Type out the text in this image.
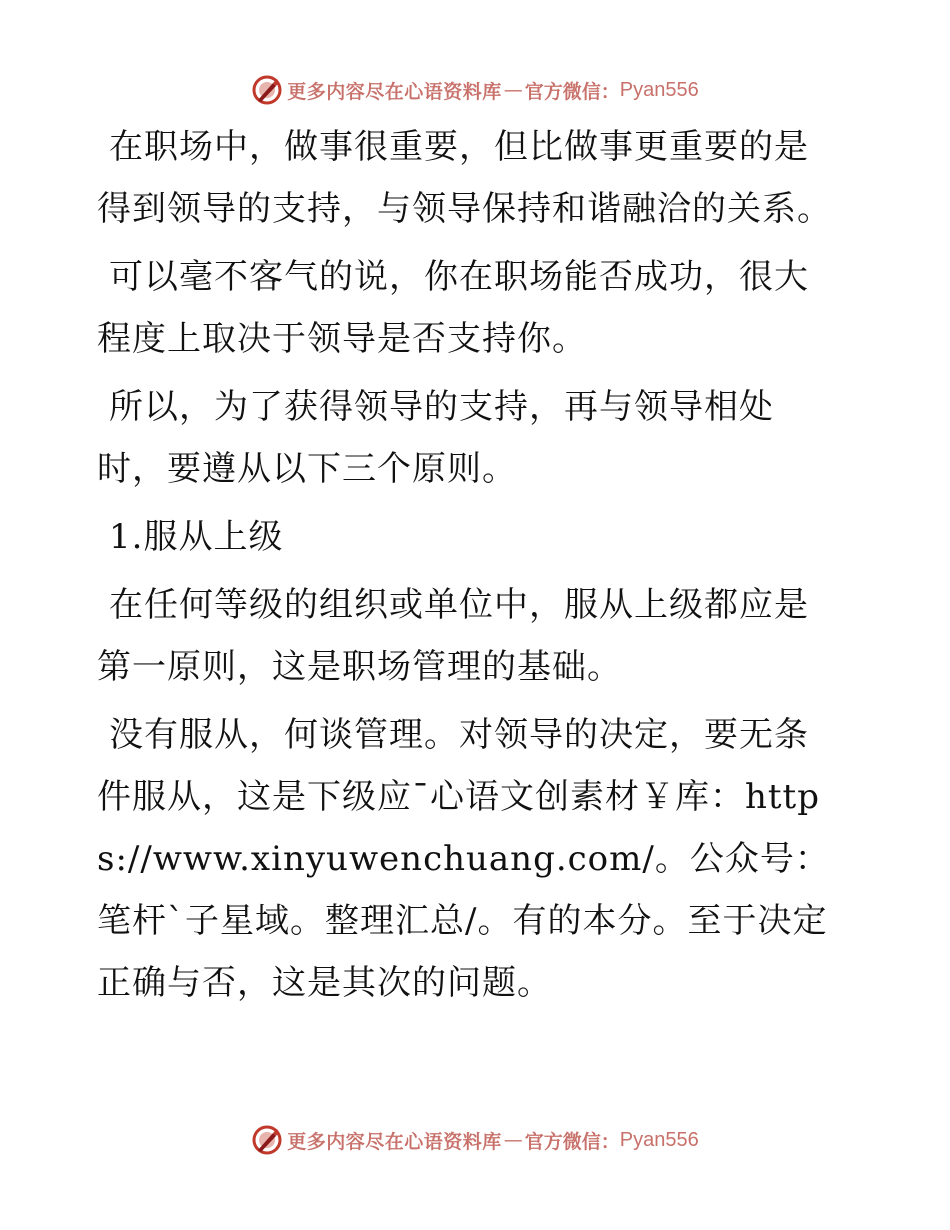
更多内容尽在心语资料库 — 官方微信： Pyan556

在职场中，做事很重要，但比做事更重要的是得到领导的支持，与领导保持和谐融洽的关系。

可以毫不客气的说，你在职场能否成功，很大程度上取决于领导是否支持你。

所以，为了获得领导的支持，再与领导相处时，要遵从以下三个原则。

1.服从上级

在任何等级的组织或单位中，服从上级都应是第一原则，这是职场管理的基础。

没有服从，何谈管理。对领导的决定，要无条件服从，这是下级应¯心语文创素材￥库：https://www.xinyuwenchuang.com/。公众号：笔杆`子星域。整理汇总/。有的本分。至于决定正确与否，这是其次的问题。

更多内容尽在心语资料库 — 官方微信： Pyan556
